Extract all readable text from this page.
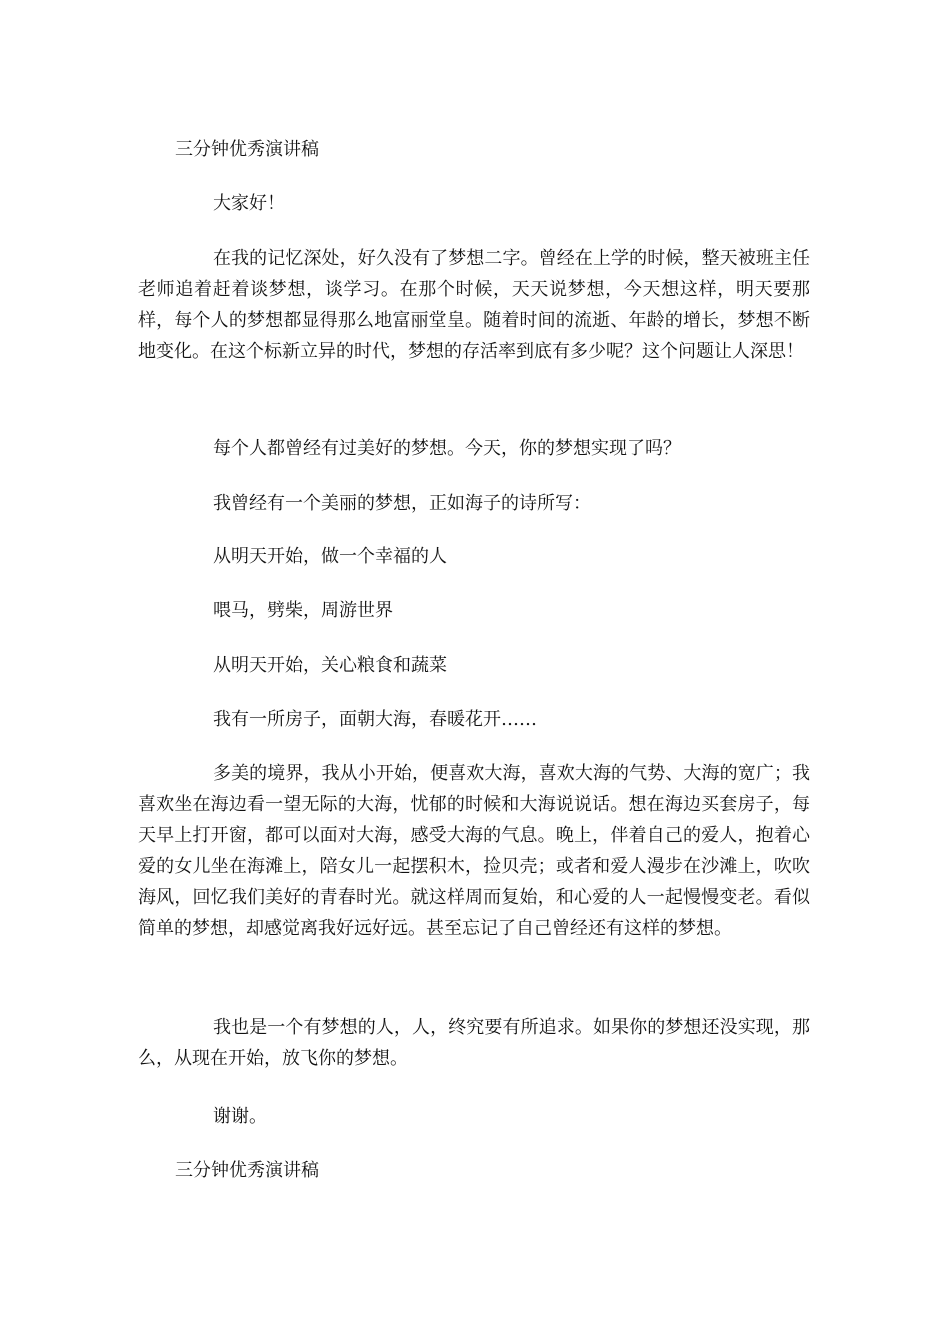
三分钟优秀演讲稿
大家好！

在我的记忆深处，好久没有了梦想二字。曾经在上学的时候，整天被班主任老师追着赶着谈梦想，谈学习。在那个时候，天天说梦想，今天想这样，明天要那样，每个人的梦想都显得那么地富丽堂皇。随着时间的流逝、年龄的增长，梦想不断地变化。在这个标新立异的时代，梦想的存活率到底有多少呢？这个问题让人深思！

每个人都曾经有过美好的梦想。今天，你的梦想实现了吗？
我曾经有一个美丽的梦想，正如海子的诗所写：
从明天开始，做一个幸福的人
喂马，劈柴，周游世界
从明天开始，关心粮食和蔬菜
我有一所房子，面朝大海，春暖花开……

多美的境界，我从小开始，便喜欢大海，喜欢大海的气势、大海的宽广；我喜欢坐在海边看一望无际的大海，忧郁的时候和大海说说话。想在海边买套房子，每天早上打开窗，都可以面对大海，感受大海的气息。晚上，伴着自己的爱人，抱着心爱的女儿坐在海滩上，陪女儿一起摆积木，捡贝壳；或者和爱人漫步在沙滩上，吹吹海风，回忆我们美好的青春时光。就这样周而复始，和心爱的人一起慢慢变老。看似简单的梦想，却感觉离我好远好远。甚至忘记了自己曾经还有这样的梦想。

我也是一个有梦想的人，人，终究要有所追求。如果你的梦想还没实现，那么，从现在开始，放飞你的梦想。

谢谢。
三分钟优秀演讲稿
